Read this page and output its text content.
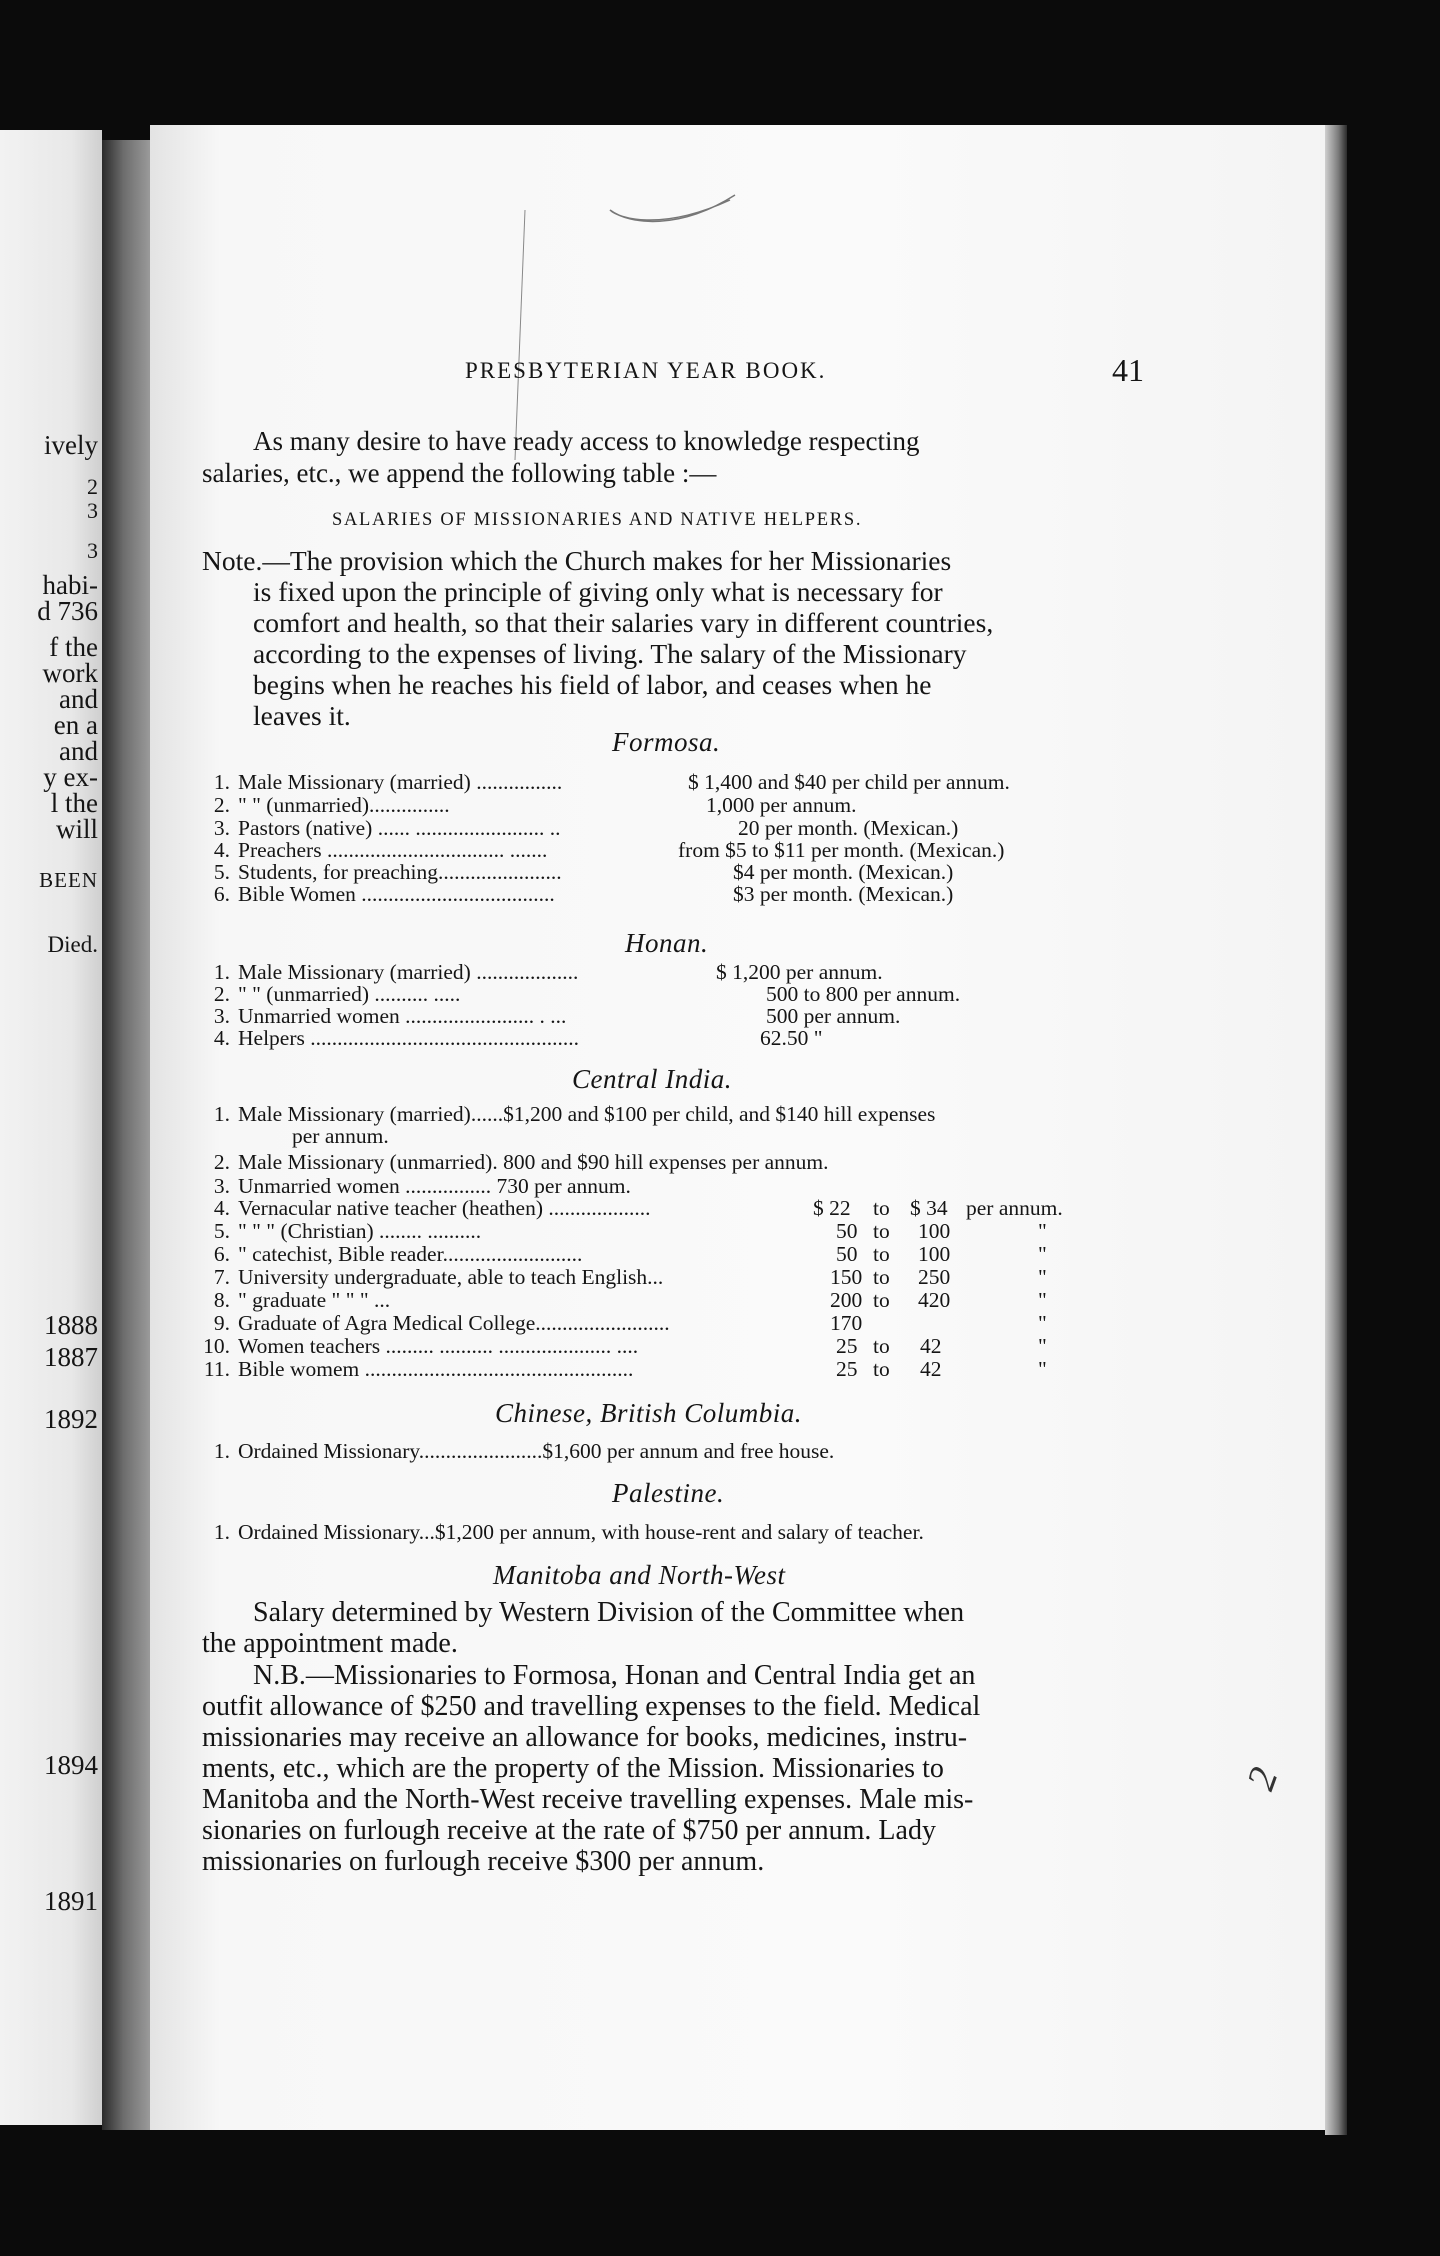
ively
2
3
3
habi-
d 736
f the
work
and
en a
and
y ex-
l the
will
BEEN
Died.
1888
1887
1892
1894
1891
PRESBYTERIAN YEAR BOOK.	41
As many desire to have ready access to knowledge respecting
salaries, etc., we append the following table :—
SALARIES OF MISSIONARIES AND NATIVE HELPERS.
Note.—The provision which the Church makes for her Missionaries
is fixed upon the principle of giving only what is necessary for
comfort and health, so that their salaries vary in different countries,
according to the expenses of living. The salary of the Missionary
begins when he reaches his field of labor, and ceases when he
leaves it.
Formosa.
1. Male Missionary (married) ................	$ 1,400 and $40 per child per annum.
2. " " (unmarried)...............	1,000 per annum.
3. Pastors (native) ...... ........................ ..	20 per month. (Mexican.)
4. Preachers ................................. .......	from $5 to $11 per month. (Mexican.)
5. Students, for preaching.......................	$4 per month. (Mexican.)
6. Bible Women ....................................	$3 per month. (Mexican.)
Honan.
1. Male Missionary (married) ...................	$ 1,200 per annum.
2. " " (unmarried) .......... .....	500 to 800 per annum.
3. Unmarried women ........................ . ...	500 per annum.
4. Helpers ..................................................	62.50 "
Central India.
1. Male Missionary (married)......$1,200 and $100 per child, and $140 hill expenses
per annum.
2. Male Missionary (unmarried). 800 and $90 hill expenses per annum.
3. Unmarried women ................ 730 per annum.
4. Vernacular native teacher (heathen) ...................	$ 22 to $ 34 per annum.
5. " " " (Christian) ........ ..........	50 to 100	"
6. " catechist, Bible reader..........................	50 to 100	"
7. University undergraduate, able to teach English...	150 to 250	"
8. " graduate " " " ...	200 to 420	"
9. Graduate of Agra Medical College.........................	170	"
10. Women teachers ......... .......... ..................... ....	25 to 42	"
11. Bible womem ..................................................	25 to 42	"
Chinese, British Columbia.
1. Ordained Missionary.......................$1,600 per annum and free house.
Palestine.
1. Ordained Missionary...$1,200 per annum, with house-rent and salary of teacher.
Manitoba and North-West
Salary determined by Western Division of the Committee when
the appointment made.
N.B.—Missionaries to Formosa, Honan and Central India get an
outfit allowance of $250 and travelling expenses to the field. Medical
missionaries may receive an allowance for books, medicines, instru-
ments, etc., which are the property of the Mission. Missionaries to
Manitoba and the North-West receive travelling expenses. Male mis-
sionaries on furlough receive at the rate of $750 per annum. Lady
missionaries on furlough receive $300 per annum.
2
